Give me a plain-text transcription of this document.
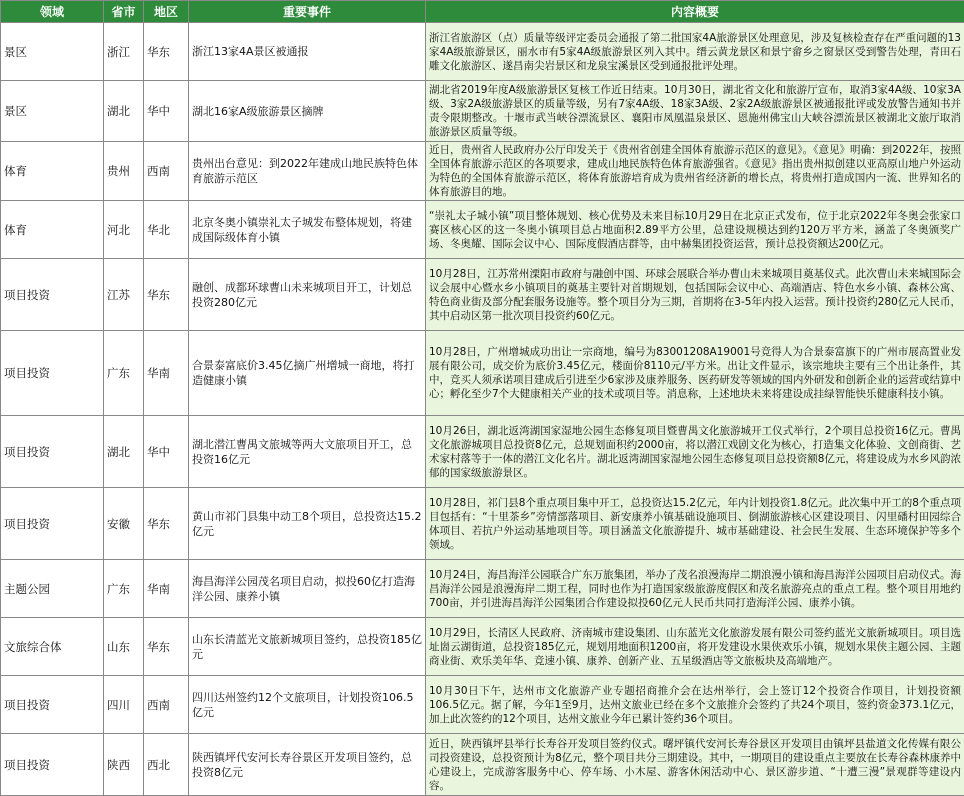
领域	省市	地区	重要事件	内容概要

景区	浙江	华东	浙江13家4A景区被通报	浙江省旅游区（点）质量等级评定委员会通报了第二批国家4A旅游景区处理意见，涉及复核检查存在严重问题的13家4A级旅游景区，丽水市有5家4A级旅游景区列入其中。缙云黄龙景区和景宁畲乡之窗景区受到警告处理，青田石雕文化旅游区、遂昌南尖岩景区和龙泉宝溪景区受到通报批评处理。

景区	湖北	华中	湖北16家A级旅游景区摘牌	湖北省2019年度A级旅游景区复核工作近日结束。10月30日，湖北省文化和旅游厅宣布，取消3家4A级、10家3A级、3家2A级旅游景区的质量等级，另有7家4A级、18家3A级、2家2A级旅游景区被通报批评或发放警告通知书并责令限期整改。十堰市武当峡谷漂流景区、襄阳市凤凰温泉景区、恩施州佛宝山大峡谷漂流景区被湖北文旅厅取消旅游景区质量等级。

体育	贵州	西南	贵州出台意见：到2022年建成山地民族特色体育旅游示范区	近日，贵州省人民政府办公厅印发关于《贵州省创建全国体育旅游示范区的意见》。《意见》明确：到2022年，按照全国体育旅游示范区的各项要求，建成山地民族特色体育旅游强省。《意见》指出贵州拟创建以亚高原山地户外运动为特色的全国体育旅游示范区，将体育旅游培育成为贵州省经济新的增长点，将贵州打造成国内一流、世界知名的体育旅游目的地。

体育	河北	华北	北京冬奥小镇崇礼太子城发布整体规划，将建成国际级体育小镇	“崇礼太子城小镇”项目整体规划、核心优势及未来目标10月29日在北京正式发布，位于北京2022年冬奥会张家口赛区核心区的这一冬奥小镇项目总占地面积2.89平方公里，总建设规模达到约120万平方米，涵盖了冬奥颁奖广场、冬奥耀、国际会议中心、国际度假酒店群等，由中赫集团投资运营，预计总投资额达200亿元。

项目投资	江苏	华东	融创、成都环球曹山未来城项目开工，计划总投资280亿元	10月28日，江苏常州溧阳市政府与融创中国、环球会展联合举办曹山未来城项目奠基仪式。此次曹山未来城国际会议会展中心暨水乡小镇项目的奠基主要针对首期规划，包括国际会议中心、高端酒店、特色水乡小镇、森林公寓、特色商业街及部分配套服务设施等。整个项目分为三期，首期将在3-5年内投入运营。预计投资约280亿元人民币，其中启动区第一批次项目投资约60亿元。

项目投资	广东	华南	合景泰富底价3.45亿摘广州增城一商地，将打造健康小镇	10月28日，广州增城成功出让一宗商地，编号为83001208A19001号竞得人为合景泰富旗下的广州市展高置业发展有限公司，成交价为底价3.45亿元，楼面价8110元/平方米。出让文件显示，该宗地块主要有三个出让条件，其中，竞买人须承诺项目建成后引进至少6家涉及康养服务、医药研发等领域的国内外研发和创新企业的运营或结算中心；孵化至少7个大健康相关产业的技术或项目等。消息称，上述地块未来将建设成挂绿智能快乐健康科技小镇。

项目投资	湖北	华中	湖北潜江曹禺文旅城等两大文旅项目开工，总投资16亿元	10月26日，湖北返湾湖国家湿地公园生态修复项目暨曹禺文化旅游城开工仪式举行，2个项目总投资16亿元。曹禺文化旅游城项目总投资8亿元，总规划面积约2000亩，将以潜江戏剧文化为核心，打造集文化体验、文创商街、艺术家村落等于一体的潜江文化名片。湖北返湾湖国家湿地公园生态修复项目总投资额8亿元，将建设成为水乡风韵浓郁的国家级旅游景区。

项目投资	安徽	华东	黄山市祁门县集中动工8个项目，总投资达15.2亿元	10月28日，祁门县8个重点项目集中开工，总投资达15.2亿元，年内计划投资1.8亿元。此次集中开工的8个重点项目包括有：“十里茶乡”旁情部落项目、新安康养小镇基础设施项目、倒湖旅游核心区建设项目、闪里磻村田园综合体项目、若抗户外运动基地项目等。项目涵盖文化旅游提升、城市基础建设、社会民生发展、生态环境保护等多个领域。

主题公园	广东	华南	海昌海洋公园茂名项目启动，拟投60亿打造海洋公园、康养小镇	10月24日，海昌海洋公园联合广东万旅集团，举办了茂名浪漫海岸二期浪漫小镇和海昌海洋公园项目启动仪式。海昌海洋公园是浪漫海岸二期工程，同时也作为打造国家级旅游度假区和茂名旅游亮点的重点工程。整个项目用地约700亩，并引进海昌海洋公园集团合作建设拟投60亿元人民币共同打造海洋公园、康养小镇。

文旅综合体	山东	华东	山东长清蓝光文旅新城项目签约，总投资185亿元	10月29日，长清区人民政府、济南城市建设集团、山东蓝光文化旅游发展有限公司签约蓝光文旅新城项目。项目选址崮云湖街道，总投资185亿元，规划用地面积1200亩，将开发建设水果侠欢乐小镇，规划水果侠主题公园、主题商业街、欢乐美年华、竞速小镇、康养、创新产业、五星级酒店等文旅板块及高端地产。

项目投资	四川	西南	四川达州签约12个文旅项目，计划投资106.5亿元	10月30日下午，达州市文化旅游产业专题招商推介会在达州举行，会上签订12个投资合作项目，计划投资额106.5亿元。据了解，今年1至9月，达州文旅业已经在多个文旅推介会签约了共24个项目，签约资金373.1亿元，加上此次签约的12个项目，达州文旅业今年已累计签约36个项目。

项目投资	陕西	西北	陕西镇坪代安河长寿谷景区开发项目签约，总投资8亿元	近日，陕西镇坪县举行长寿谷开发项目签约仪式。曙坪镇代安河长寿谷景区开发项目由镇坪县盐道文化传媒有限公司投资建设，总投资预计为8亿元，整个项目共分三期建设。其中，一期项目的建设重点主要放在长寿谷森林康养中心建设上，完成游客服务中心、停车场、小木屋、游客休闲活动中心、景区游步道、“十遭三漫”景观群等建设内容。
